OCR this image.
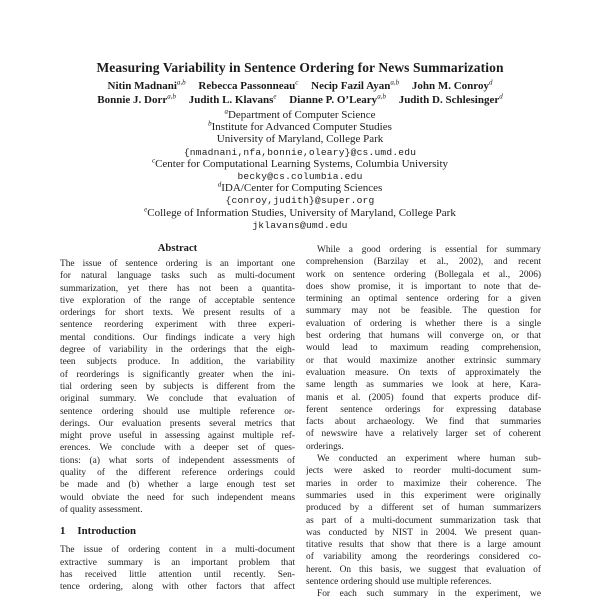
Measuring Variability in Sentence Ordering for News Summarization
Nitin Madnani$^{a,b}$ Rebecca Passonneau$^c$ Necip Fazil Ayan$^{a,b}$ John M. Conroy$^d$
Bonnie J. Dorr$^{a,b}$ Judith L. Klavans$^e$ Dianne P. O’Leary$^{a,b}$ Judith D. Schlesinger$^d$
$^a$Department of Computer Science
$^b$Institute for Advanced Computer Studies
University of Maryland, College Park
{nmadnani,nfa,bonnie,oleary}@cs.umd.edu
$^c$Center for Computational Learning Systems, Columbia University
becky@cs.columbia.edu
$^d$IDA/Center for Computing Sciences
{conroy,judith}@super.org
$^e$College of Information Studies, University of Maryland, College Park
jklavans@umd.edu
Abstract
The issue of sentence ordering is an important one
for natural language tasks such as multi-document
summarization, yet there has not been a quantita-
tive exploration of the range of acceptable sentence
orderings for short texts. We present results of a
sentence reordering experiment with three experi-
mental conditions. Our findings indicate a very high
degree of variability in the orderings that the eigh-
teen subjects produce. In addition, the variability
of reorderings is significantly greater when the ini-
tial ordering seen by subjects is different from the
original summary. We conclude that evaluation of
sentence ordering should use multiple reference or-
derings. Our evaluation presents several metrics that
might prove useful in assessing against multiple ref-
erences. We conclude with a deeper set of ques-
tions: (a) what sorts of independent assessments of
quality of the different reference orderings could
be made and (b) whether a large enough test set
would obviate the need for such independent means
of quality assessment.
1 Introduction
The issue of ordering content in a multi-document
extractive summary is an important problem that
has received little attention until recently. Sen-
tence ordering, along with other factors that affect
While a good ordering is essential for summary
comprehension (Barzilay et al., 2002), and recent
work on sentence ordering (Bollegala et al., 2006)
does show promise, it is important to note that de-
termining an optimal sentence ordering for a given
summary may not be feasible. The question for
evaluation of ordering is whether there is a single
best ordering that humans will converge on, or that
would lead to maximum reading comprehension,
or that would maximize another extrinsic summary
evaluation measure. On texts of approximately the
same length as summaries we look at here, Kara-
manis et al. (2005) found that experts produce dif-
ferent sentence orderings for expressing database
facts about archaeology. We find that summaries
of newswire have a relatively larger set of coherent
orderings.
We conducted an experiment where human sub-
jects were asked to reorder multi-document sum-
maries in order to maximize their coherence. The
summaries used in this experiment were originally
produced by a different set of human summarizers
as part of a multi-document summarization task that
was conducted by NIST in 2004. We present quan-
titative results that show that there is a large amount
of variability among the reorderings considered co-
herent. On this basis, we suggest that evaluation of
sentence ordering should use multiple references.
For each such summary in the experiment, we
